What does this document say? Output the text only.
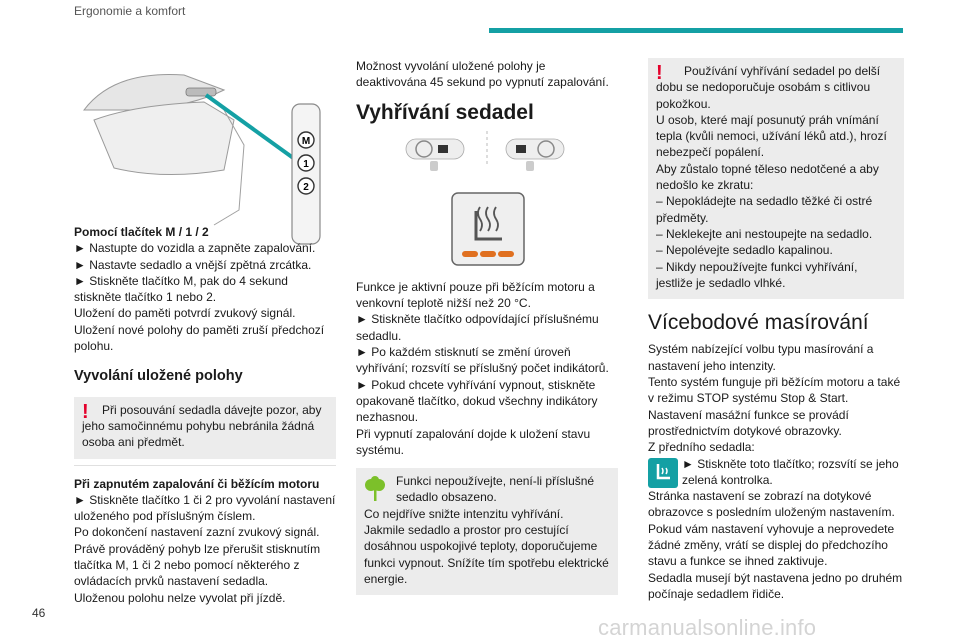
Ergonomie a komfort
M
1
2

Pomocí tlačítek M / 1 / 2

► Nastupte do vozidla a zapněte zapalování.

► Nastavte sedadlo a vnější zpětná zrcátka.

► Stiskněte tlačítko M, pak do 4 sekund stiskněte tlačítko 1 nebo 2.

Uložení do paměti potvrdí zvukový signál.

Uložení nové polohy do paměti zruší předchozí polohu.

Vyvolání uložené polohy
!	Při posouvání sedadla dávejte pozor, aby jeho samočinnému pohybu nebránila žádná osoba ani předmět.

Při zapnutém zapalování či běžícím motoru

► Stiskněte tlačítko 1 či 2 pro vyvolání nastavení uloženého pod příslušným číslem.

Po dokončení nastavení zazní zvukový signál.

Právě prováděný pohyb lze přerušit stisknutím tlačítka M, 1 či 2 nebo pomocí některého z ovládacích prvků nastavení sedadla.

Uloženou polohu nelze vyvolat při jízdě.

Možnost vyvolání uložené polohy je deaktivována 45 sekund po vypnutí zapalování.

Vyhřívání sedadel

Funkce je aktivní pouze při běžícím motoru a venkovní teplotě nižší než 20 °C.

► Stiskněte tlačítko odpovídající příslušnému sedadlu.

► Po každém stisknutí se změní úroveň vyhřívání; rozsvítí se příslušný počet indikátorů.

► Pokud chcete vyhřívání vypnout, stiskněte opakovaně tlačítko, dokud všechny indikátory nezhasnou.

Při vypnutí zapalování dojde k uložení stavu systému.

Funkci nepoužívejte, není-li příslušné sedadlo obsazeno.

Co nejdříve snižte intenzitu vyhřívání.

Jakmile sedadlo a prostor pro cestující dosáhnou uspokojivé teploty, doporučujeme funkci vypnout. Snížíte tím spotřebu elektrické energie.

!	Používání vyhřívání sedadel po delší dobu se nedoporučuje osobám s citlivou pokožkou.

U osob, které mají posunutý práh vnímání tepla (kvůli nemoci, užívání léků atd.), hrozí nebezpečí popálení.

Aby zůstalo topné těleso nedotčené a aby nedošlo ke zkratu:

– Nepokládejte na sedadlo těžké či ostré předměty.

– Neklekejte ani nestoupejte na sedadlo.

– Nepolévejte sedadlo kapalinou.

– Nikdy nepoužívejte funkci vyhřívání, jestliže je sedadlo vlhké.

Vícebodové masírování

Systém nabízející volbu typu masírování a nastavení jeho intenzity.

Tento systém funguje při běžícím motoru a také v režimu STOP systému Stop & Start.

Nastavení masážní funkce se provádí prostřednictvím dotykové obrazovky.

Z předního sedadla:

► Stiskněte toto tlačítko; rozsvítí se jeho zelená kontrolka.

Stránka nastavení se zobrazí na dotykové obrazovce s posledním uloženým nastavením.

Pokud vám nastavení vyhovuje a neprovedete žádné změny, vrátí se displej do předchozího stavu a funkce se ihned zaktivuje.

Sedadla musejí být nastavena jedno po druhém počínaje sedadlem řidiče.

46
carmanualsonline.info
